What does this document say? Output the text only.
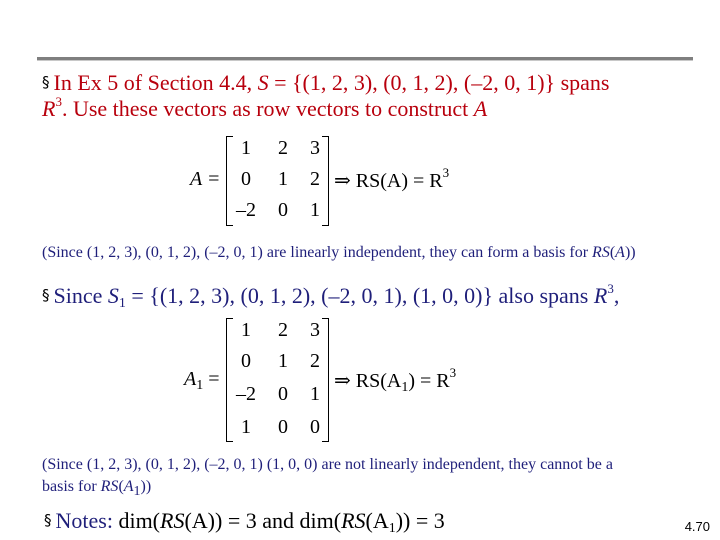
§ In Ex 5 of Section 4.4, S = {(1, 2, 3), (0, 1, 2), (–2, 0, 1)} spans
$R^3$. Use these vectors as row vectors to construct A
A =
1	2	3
0	1	2
–2	0	1
⇒ $RS(A) = R^3$
(Since (1, 2, 3), (0, 1, 2), (–2, 0, 1) are linearly independent, they can form a basis for RS(A))
§ Since $S_1 = \{(1$, 2, 3), (0, 1, 2), (–2, 0, 1), (1, 0, 0)} also spans $R^3$,
$A_1$ =
1	2	3
0	1	2
–2	0	1
1	0	0
⇒ $RS(A_1) = R^3$
(Since (1, 2, 3), (0, 1, 2), (–2, 0, 1) (1, 0, 0) are not linearly independent, they cannot be a
basis for $RS(A_1)$)
§ Notes: dim(RS(A)) = 3 and $dim(RS(A_1)) = 3$	4.70
